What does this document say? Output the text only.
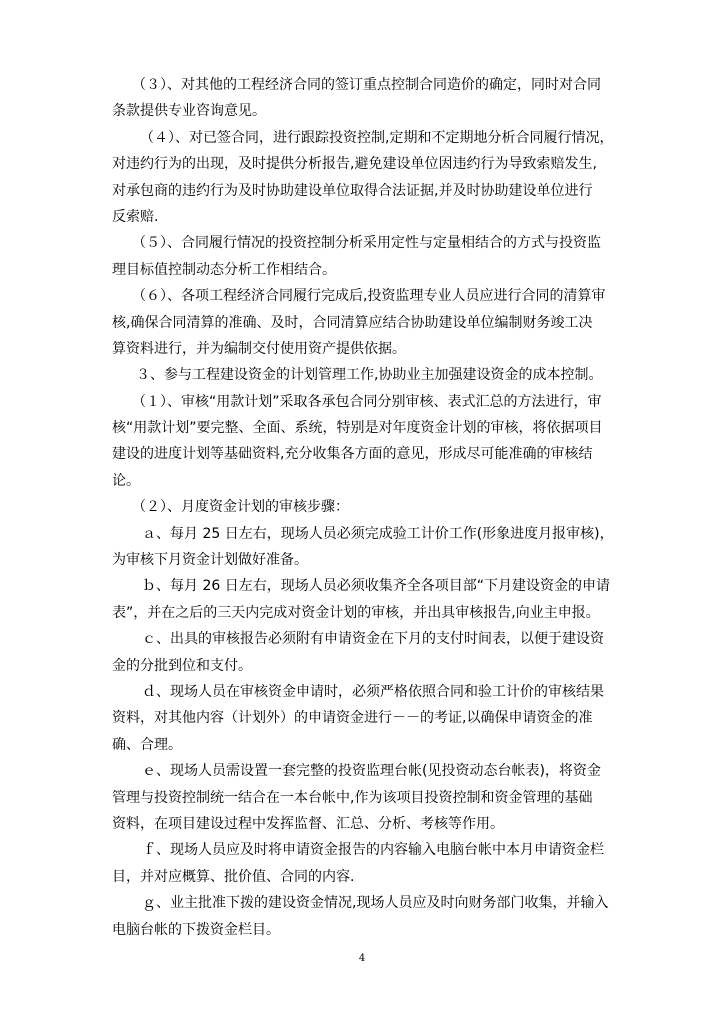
（３）、对其他的工程经济合同的签订重点控制合同造价的确定，同时对合同
条款提供专业咨询意见。
（４）、对已签合同，进行跟踪投资控制,定期和不定期地分析合同履行情况，
对违约行为的出现，及时提供分析报告,避免建设单位因违约行为导致索赔发生,
对承包商的违约行为及时协助建设单位取得合法证据,并及时协助建设单位进行
反索赔.
（５）、合同履行情况的投资控制分析采用定性与定量相结合的方式与投资监
理目标值控制动态分析工作相结合。
（６）、各项工程经济合同履行完成后,投资监理专业人员应进行合同的清算审
核,确保合同清算的准确、及时，合同清算应结合协助建设单位编制财务竣工决
算资料进行，并为编制交付使用资产提供依据。
３、参与工程建设资金的计划管理工作,协助业主加强建设资金的成本控制。
（１）、审核“用款计划”采取各承包合同分别审核、表式汇总的方法进行，审
核“用款计划”要完整、全面、系统，特别是对年度资金计划的审核，将依据项目
建设的进度计划等基础资料,充分收集各方面的意见，形成尽可能准确的审核结
论。
（２）、月度资金计划的审核步骤：
ａ、每月 25 日左右，现场人员必须完成验工计价工作(形象进度月报审核)，
为审核下月资金计划做好准备。
ｂ、每月 26 日左右，现场人员必须收集齐全各项目部“下月建设资金的申请
表”，并在之后的三天内完成对资金计划的审核，并出具审核报告,向业主申报。
ｃ、出具的审核报告必须附有申请资金在下月的支付时间表，以便于建设资
金的分批到位和支付。
ｄ、现场人员在审核资金申请时，必须严格依照合同和验工计价的审核结果
资料，对其他内容（计划外）的申请资金进行－－的考证,以确保申请资金的准
确、合理。
ｅ、现场人员需设置一套完整的投资监理台帐(见投资动态台帐表)，将资金
管理与投资控制统一结合在一本台帐中,作为该项目投资控制和资金管理的基础
资料，在项目建设过程中发挥监督、汇总、分析、考核等作用。
ｆ、现场人员应及时将申请资金报告的内容输入电脑台帐中本月申请资金栏
目，并对应概算、批价值、合同的内容.
ｇ、业主批准下拨的建设资金情况,现场人员应及时向财务部门收集，并输入
电脑台帐的下拨资金栏目。
4
